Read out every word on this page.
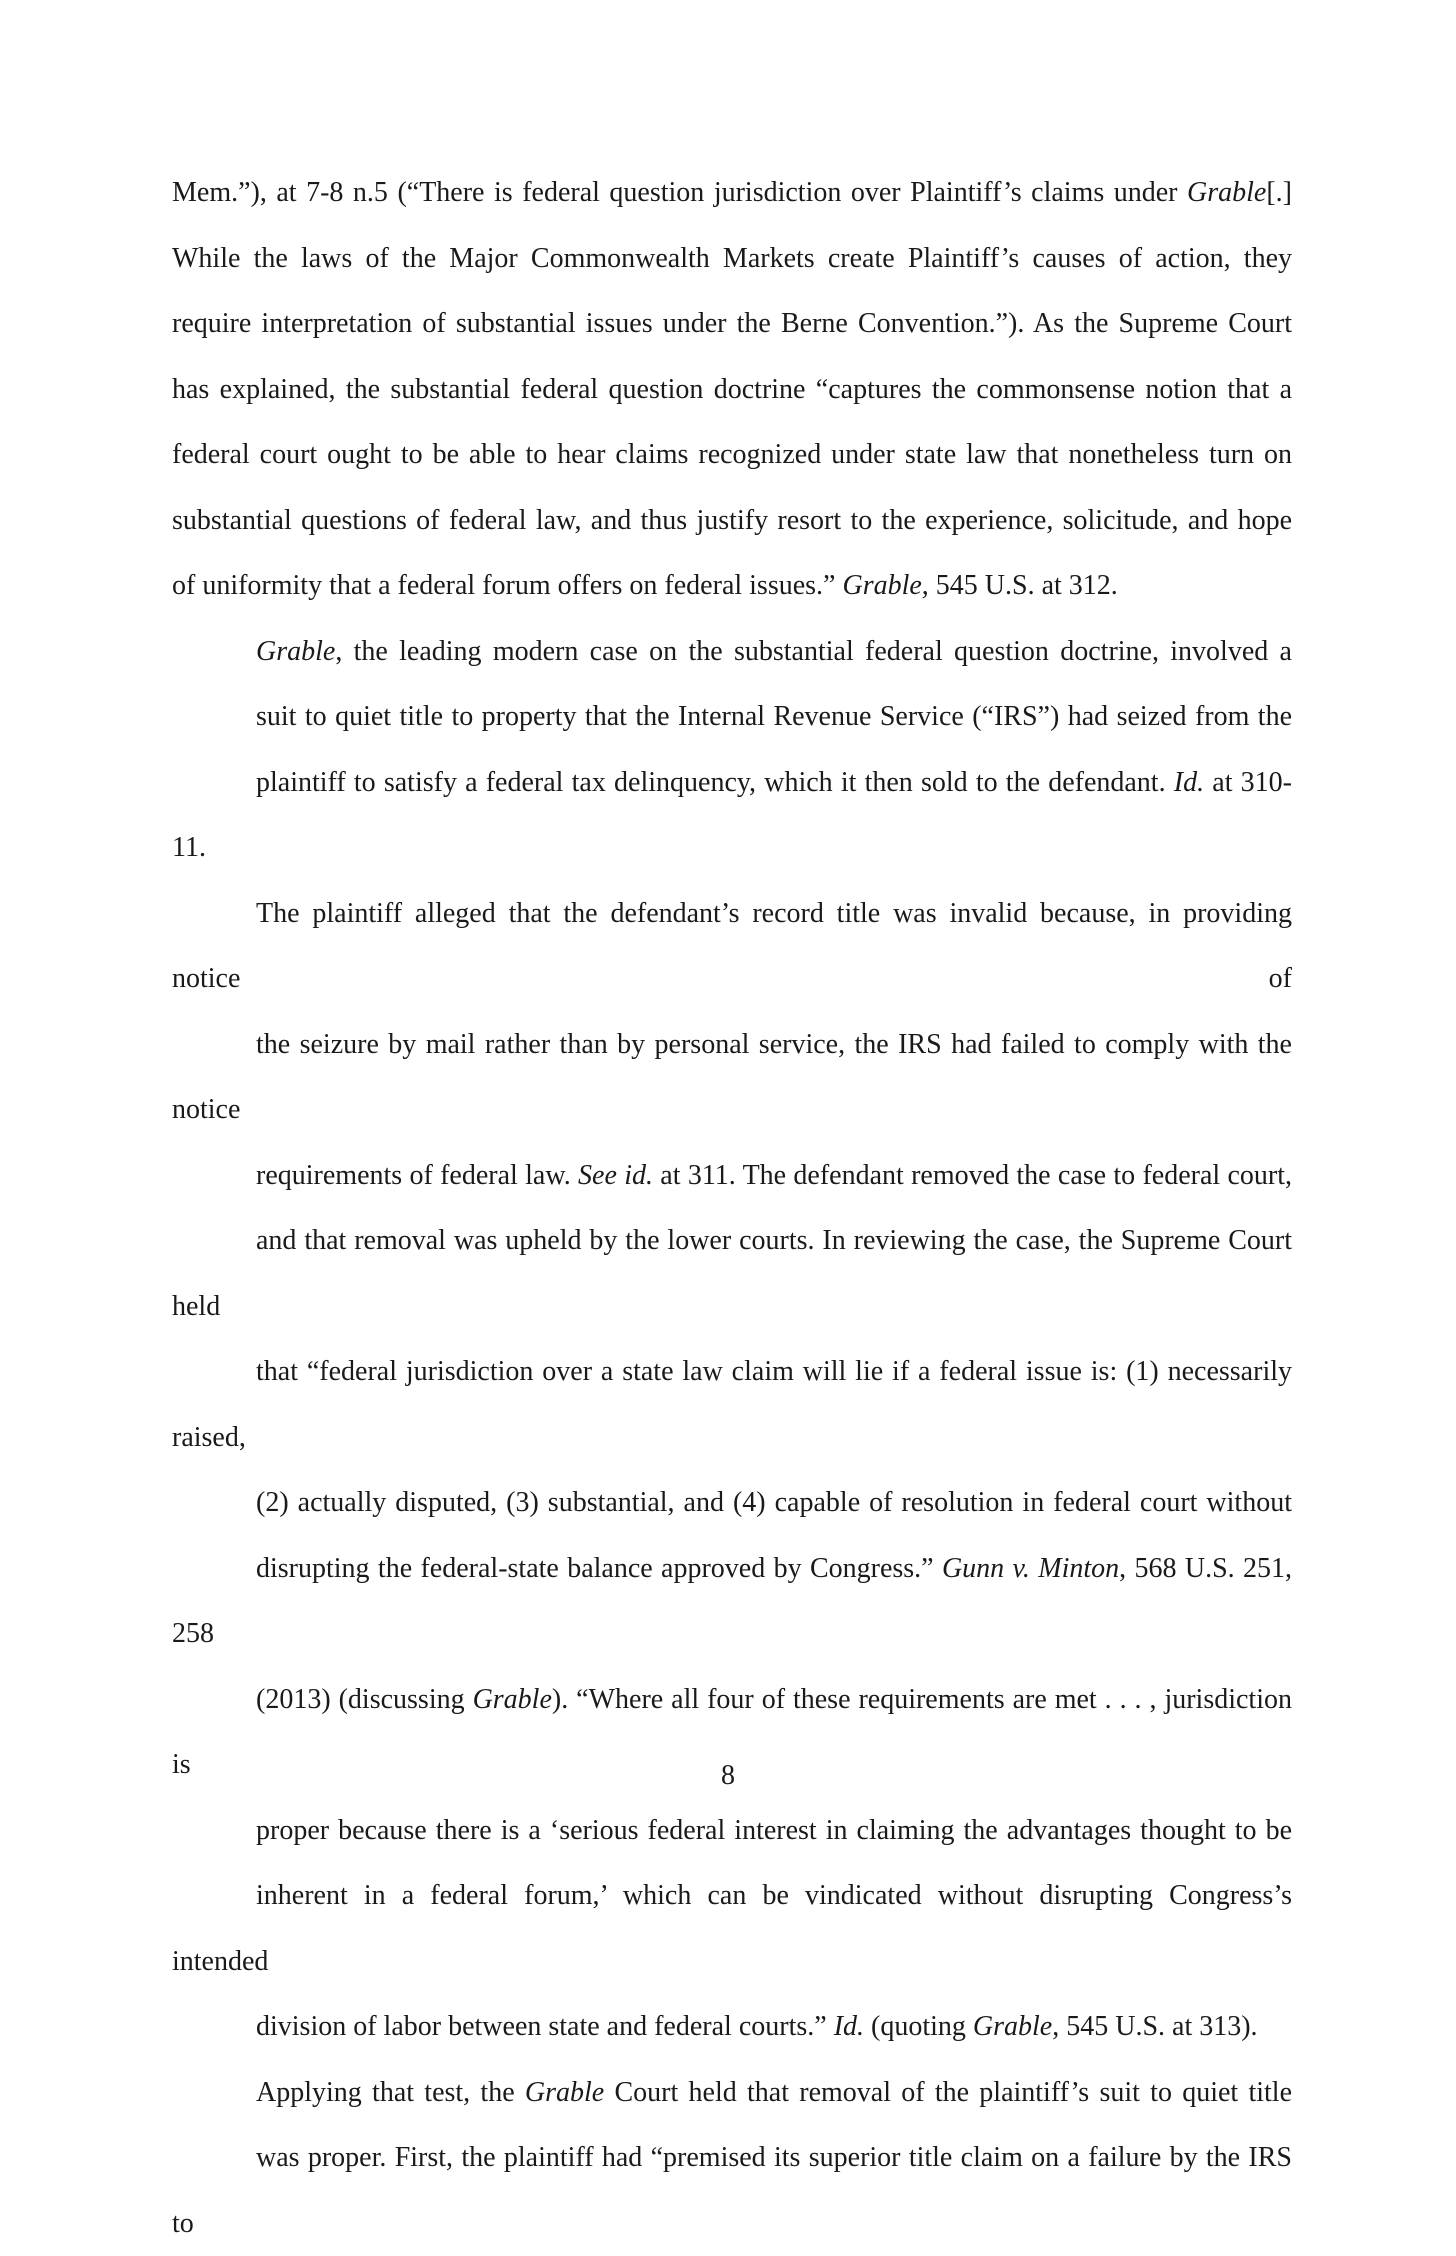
Mem.”), at 7-8 n.5 (“There is federal question jurisdiction over Plaintiff’s claims under Grable[.]
While the laws of the Major Commonwealth Markets create Plaintiff’s causes of action, they
require interpretation of substantial issues under the Berne Convention.”). As the Supreme Court
has explained, the substantial federal question doctrine “captures the commonsense notion that a
federal court ought to be able to hear claims recognized under state law that nonetheless turn on
substantial questions of federal law, and thus justify resort to the experience, solicitude, and hope
of uniformity that a federal forum offers on federal issues.” Grable, 545 U.S. at 312.
Grable, the leading modern case on the substantial federal question doctrine, involved a
suit to quiet title to property that the Internal Revenue Service (“IRS”) had seized from the
plaintiff to satisfy a federal tax delinquency, which it then sold to the defendant. Id. at 310-11.
The plaintiff alleged that the defendant’s record title was invalid because, in providing notice of
the seizure by mail rather than by personal service, the IRS had failed to comply with the notice
requirements of federal law. See id. at 311. The defendant removed the case to federal court,
and that removal was upheld by the lower courts. In reviewing the case, the Supreme Court held
that “federal jurisdiction over a state law claim will lie if a federal issue is: (1) necessarily raised,
(2) actually disputed, (3) substantial, and (4) capable of resolution in federal court without
disrupting the federal-state balance approved by Congress.” Gunn v. Minton, 568 U.S. 251, 258
(2013) (discussing Grable). “Where all four of these requirements are met . . . , jurisdiction is
proper because there is a ‘serious federal interest in claiming the advantages thought to be
inherent in a federal forum,’ which can be vindicated without disrupting Congress’s intended
division of labor between state and federal courts.” Id. (quoting Grable, 545 U.S. at 313).
Applying that test, the Grable Court held that removal of the plaintiff’s suit to quiet title
was proper. First, the plaintiff had “premised its superior title claim on a failure by the IRS to
8
